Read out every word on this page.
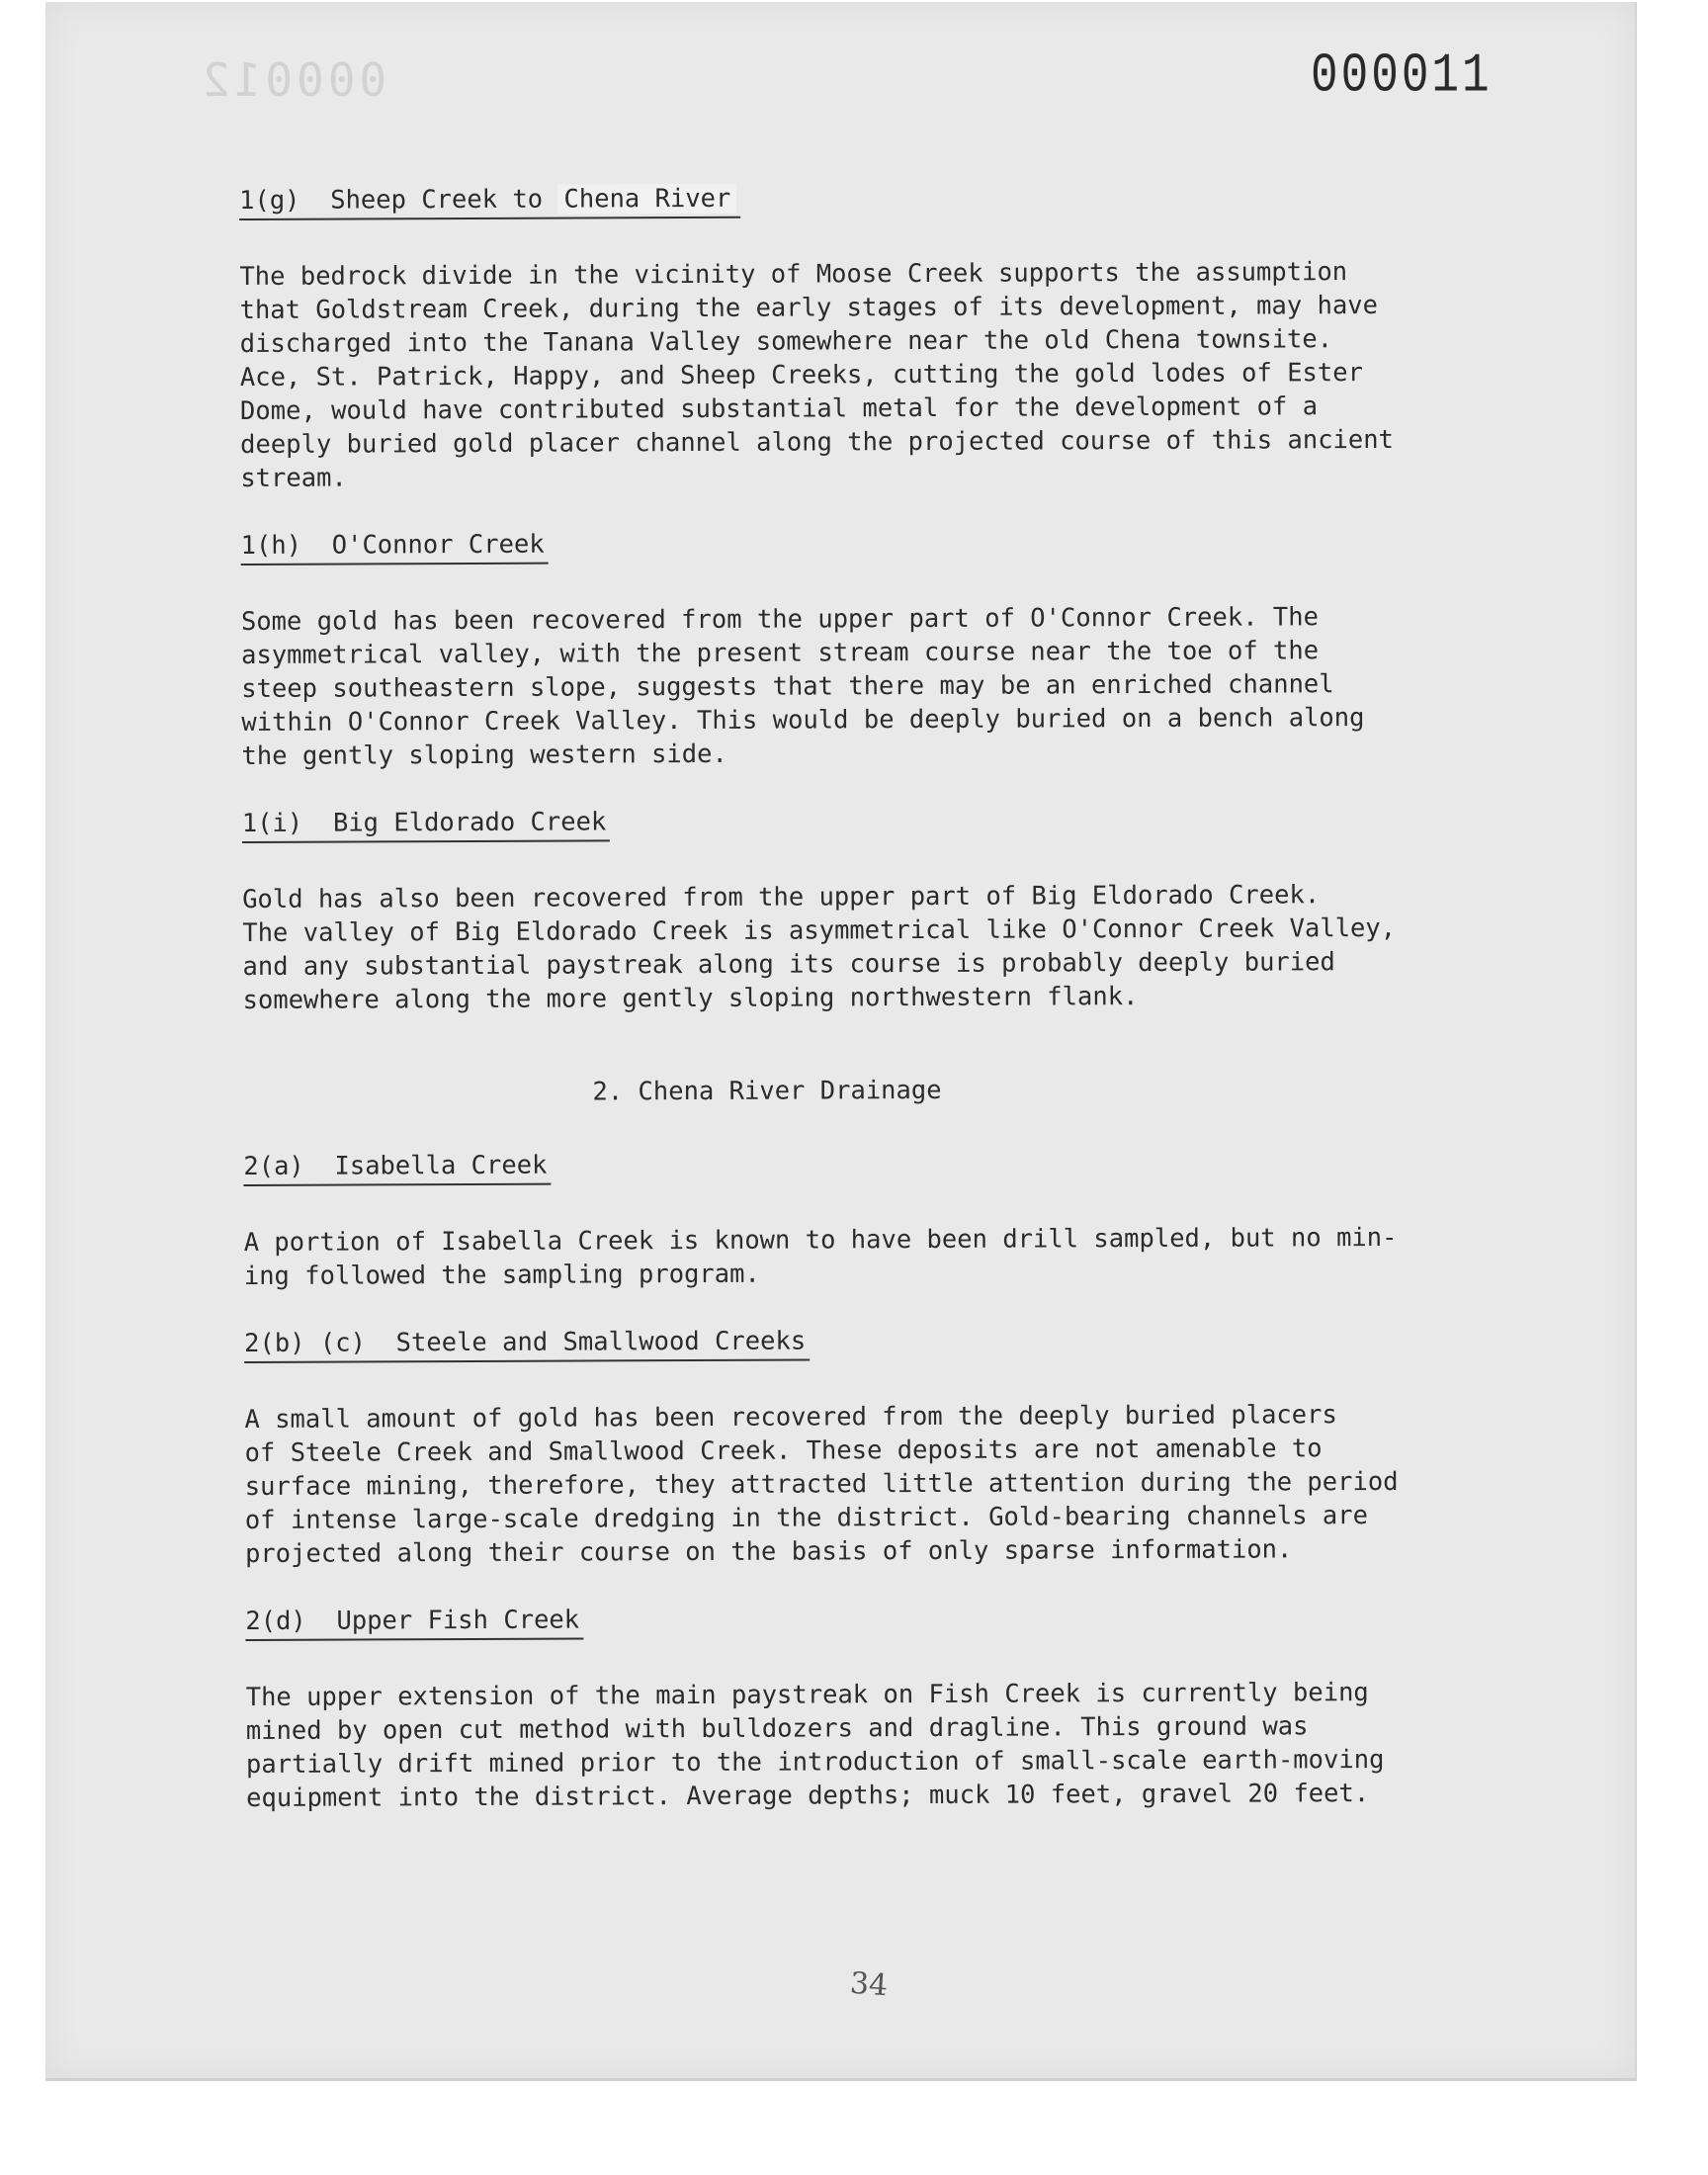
000012	000011

1(g)  Sheep Creek to Chena River

The bedrock divide in the vicinity of Moose Creek supports the assumption
that Goldstream Creek, during the early stages of its development, may have
discharged into the Tanana Valley somewhere near the old Chena townsite.
Ace, St. Patrick, Happy, and Sheep Creeks, cutting the gold lodes of Ester
Dome, would have contributed substantial metal for the development of a
deeply buried gold placer channel along the projected course of this ancient
stream.

1(h)  O'Connor Creek

Some gold has been recovered from the upper part of O'Connor Creek. The
asymmetrical valley, with the present stream course near the toe of the
steep southeastern slope, suggests that there may be an enriched channel
within O'Connor Creek Valley. This would be deeply buried on a bench along
the gently sloping western side.

1(i)  Big Eldorado Creek

Gold has also been recovered from the upper part of Big Eldorado Creek.
The valley of Big Eldorado Creek is asymmetrical like O'Connor Creek Valley,
and any substantial paystreak along its course is probably deeply buried
somewhere along the more gently sloping northwestern flank.

2. Chena River Drainage

2(a)  Isabella Creek

A portion of Isabella Creek is known to have been drill sampled, but no min-
ing followed the sampling program.

2(b) (c)  Steele and Smallwood Creeks

A small amount of gold has been recovered from the deeply buried placers
of Steele Creek and Smallwood Creek. These deposits are not amenable to
surface mining, therefore, they attracted little attention during the period
of intense large-scale dredging in the district. Gold-bearing channels are
projected along their course on the basis of only sparse information.

2(d)  Upper Fish Creek

The upper extension of the main paystreak on Fish Creek is currently being
mined by open cut method with bulldozers and dragline. This ground was
partially drift mined prior to the introduction of small-scale earth-moving
equipment into the district. Average depths; muck 10 feet, gravel 20 feet.

34
